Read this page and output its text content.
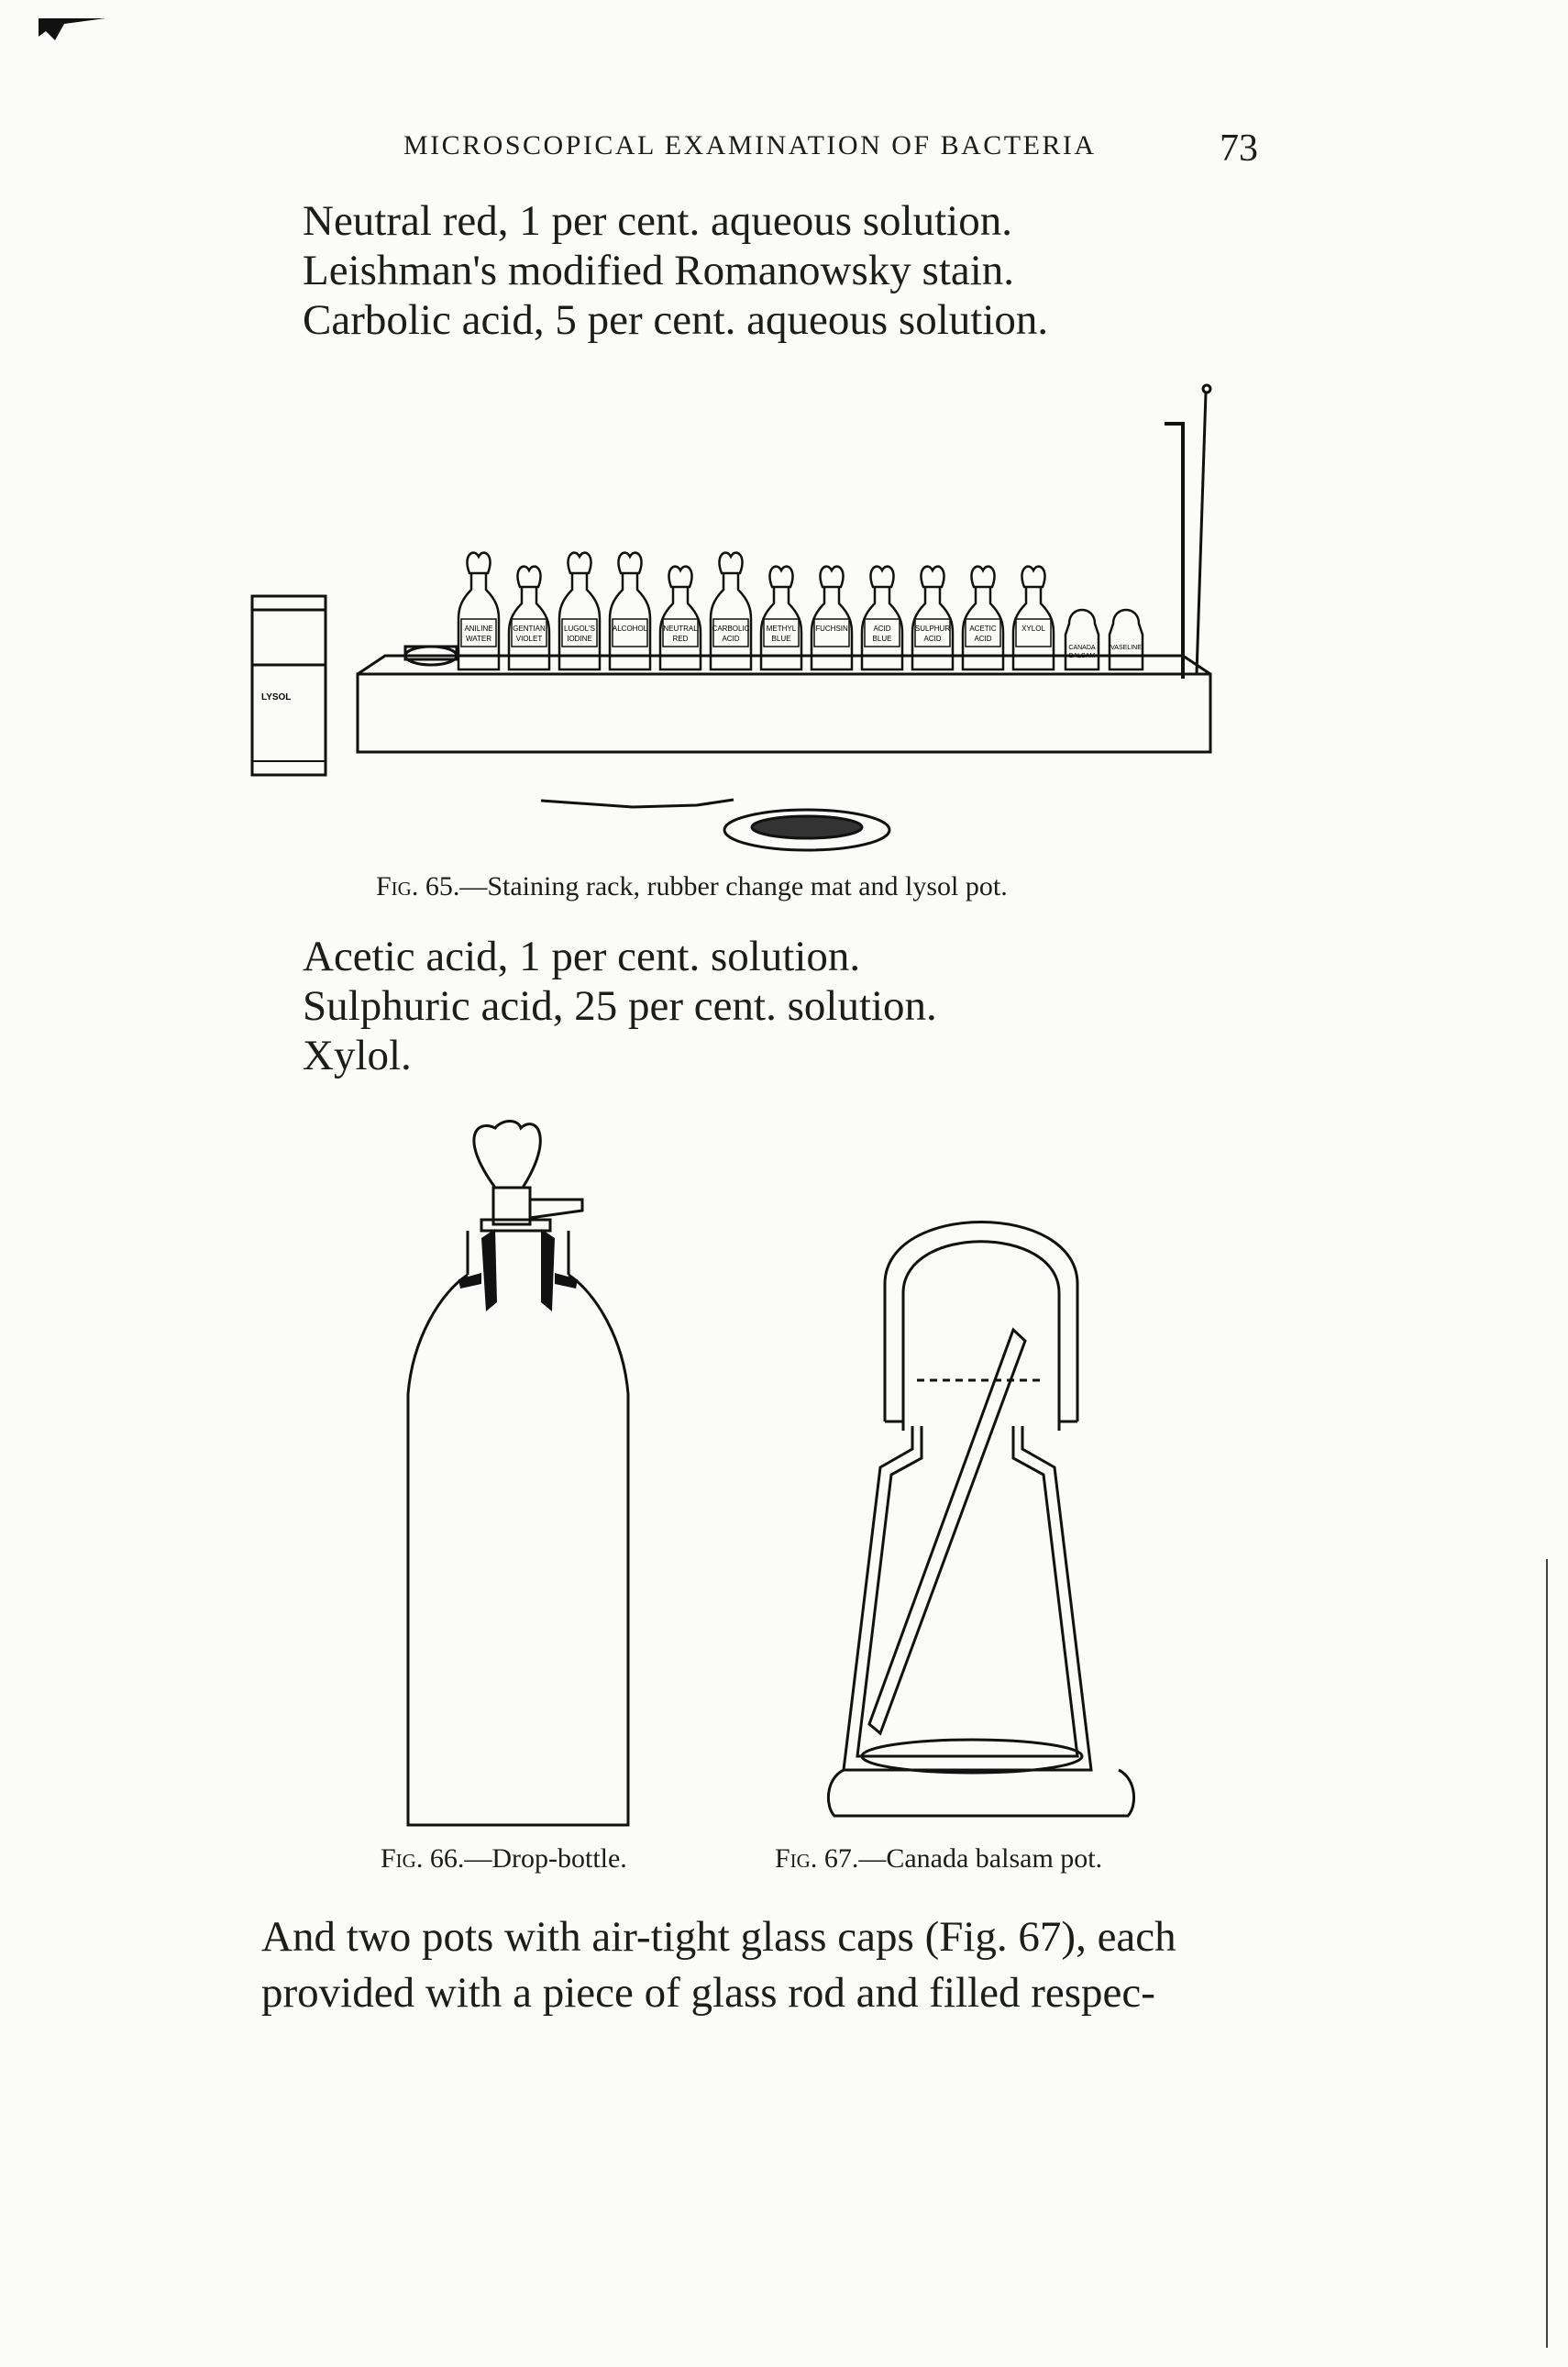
MICROSCOPICAL EXAMINATION OF BACTERIA	73
Neutral red, 1 per cent. aqueous solution.
Leishman's modified Romanowsky stain.
Carbolic acid, 5 per cent. aqueous solution.
LYSOL
ANILINE
WATER
GENTIAN
VIOLET
LUGOL'S
IODINE
ALCOHOL NEUTRAL
RED
CARBOLIC
ACID
METHYL
BLUE
FUCHSIN	ACID
BLUE
SULPHUR
ACID
ACETIC
ACID
XYLOL
CANADA
BALSAM
VASELINE
Fig. 65.—Staining rack, rubber change mat and lysol pot.
Acetic acid, 1 per cent. solution.
Sulphuric acid, 25 per cent. solution.
Xylol.
Fig. 66.—Drop-bottle.	Fig. 67.—Canada balsam pot.
And two pots with air-tight glass caps (Fig. 67), each
provided with a piece of glass rod and filled respec-
